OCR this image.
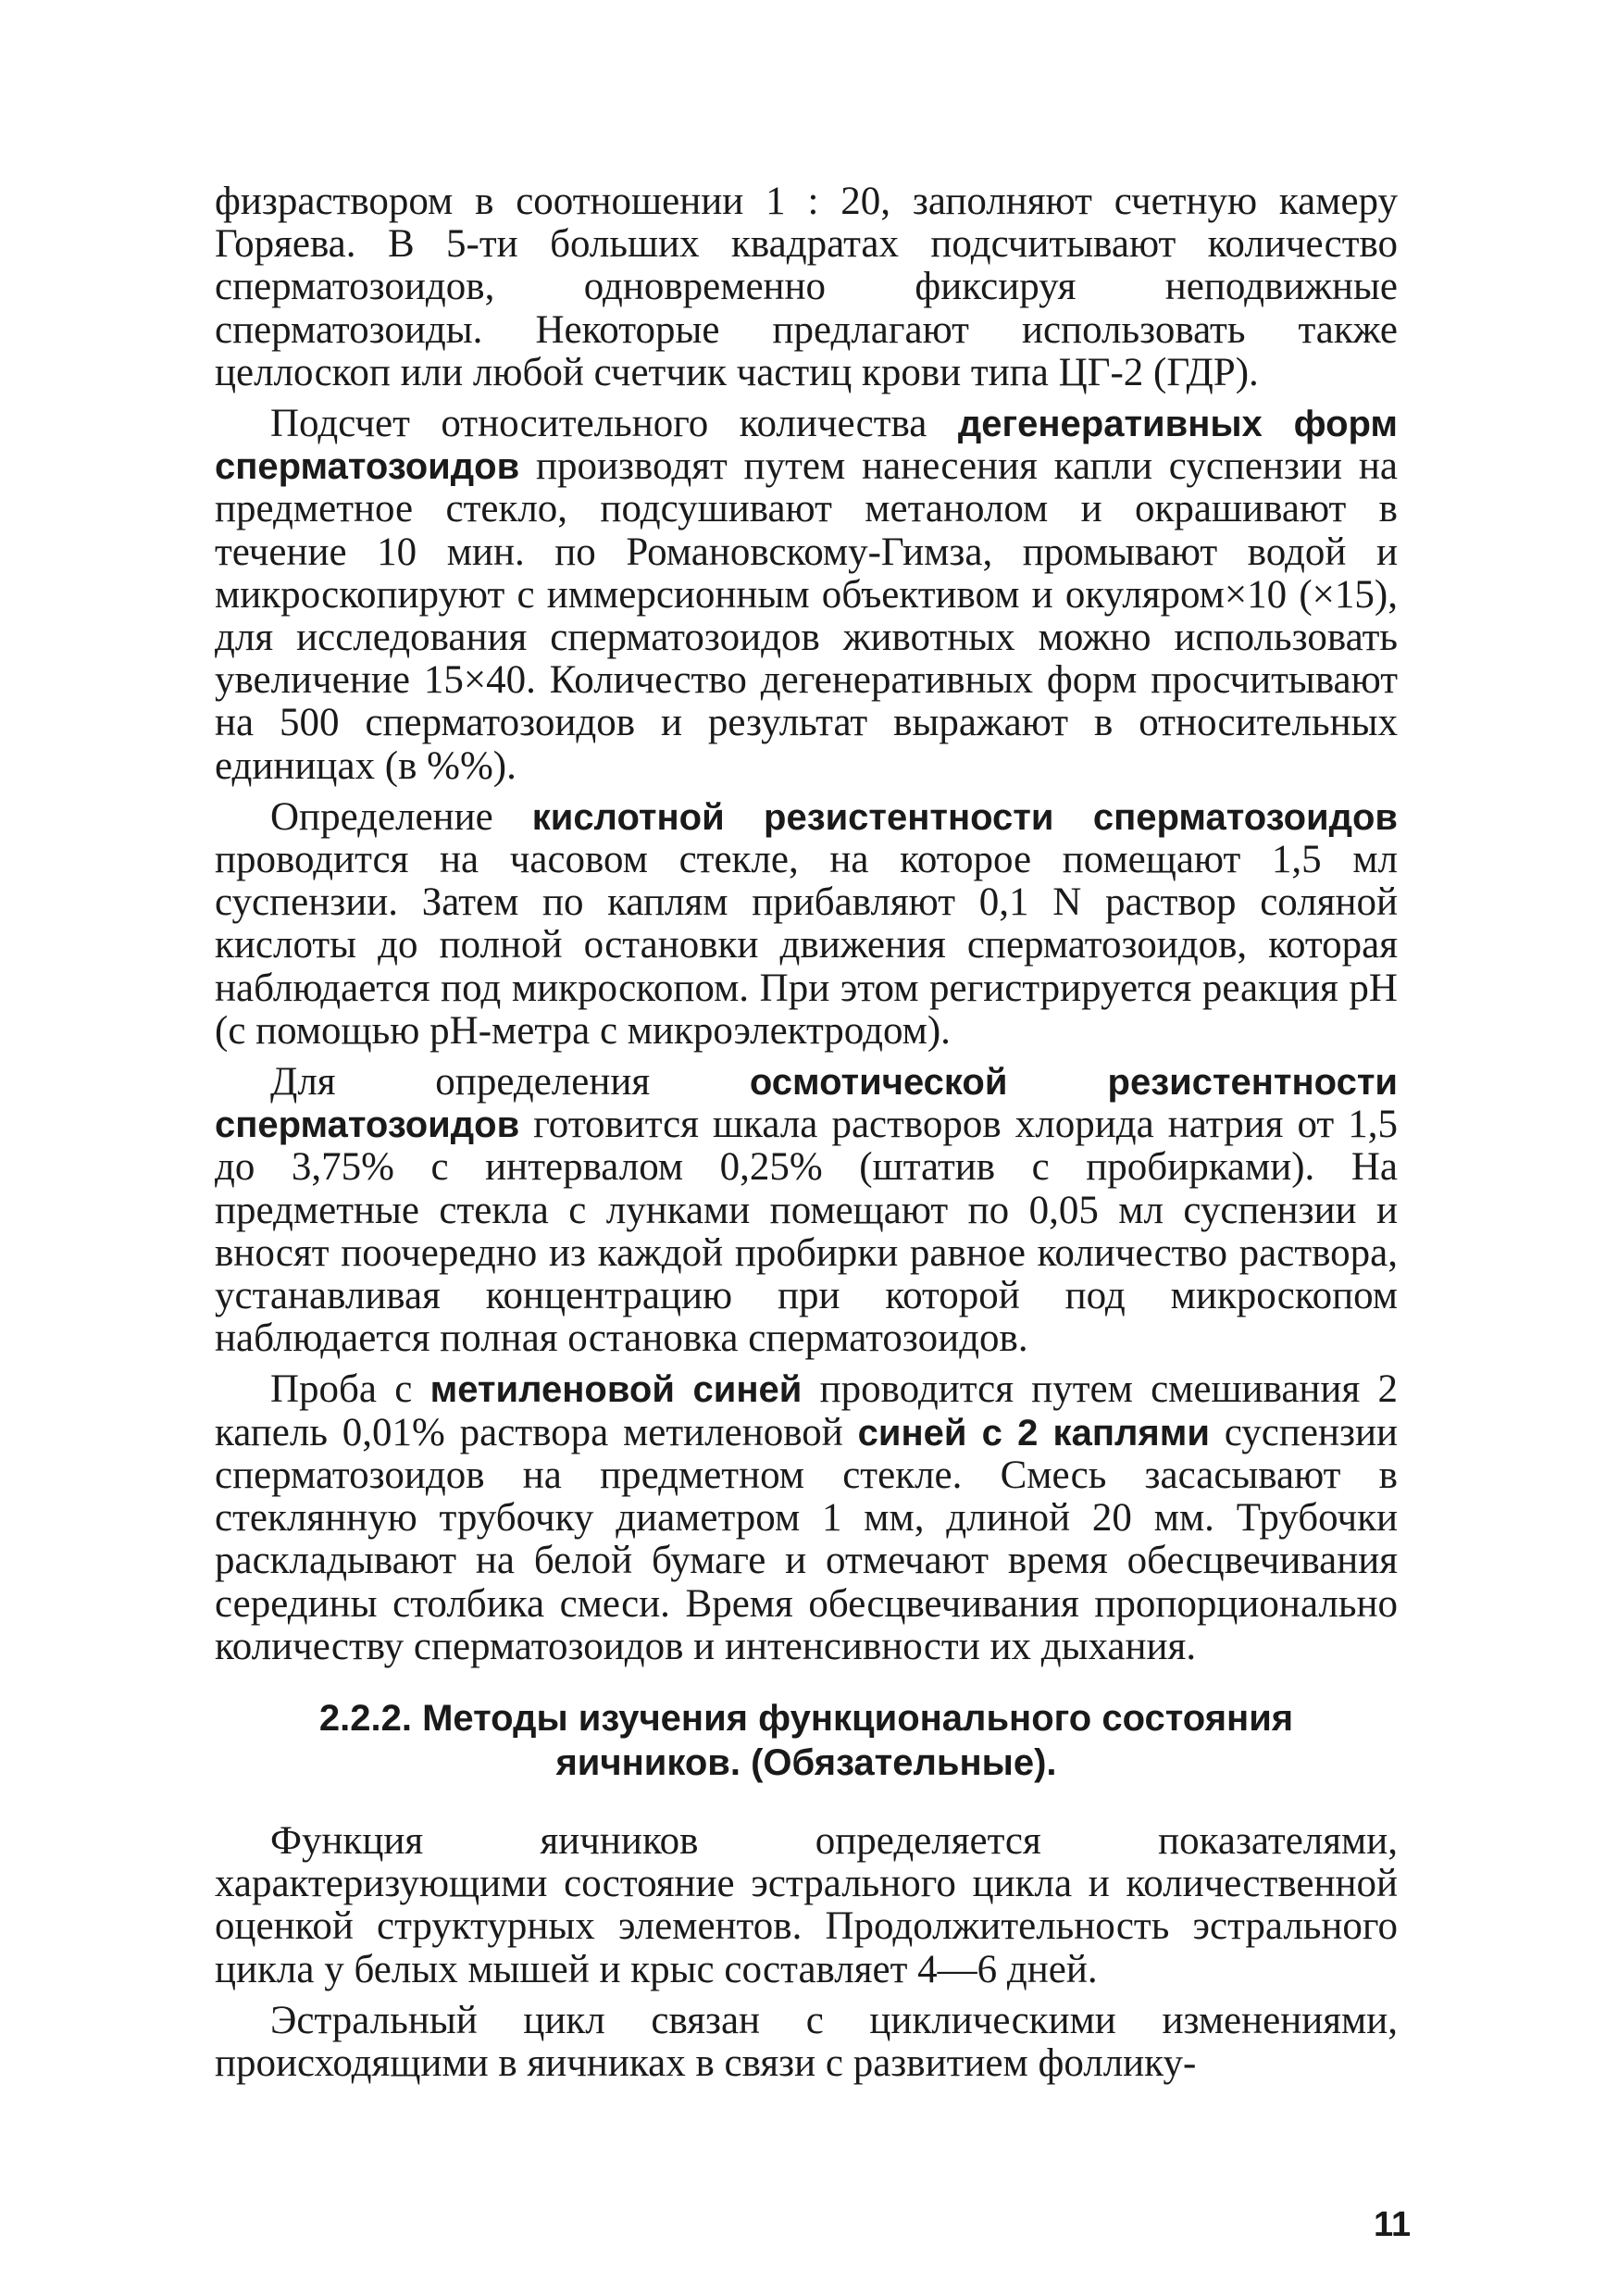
физраствором в соотношении 1 : 20, заполняют счетную камеру Горяева. В 5-ти больших квадратах подсчитывают количество сперматозоидов, одновременно фиксируя неподвижные сперматозоиды. Некоторые предлагают использовать также целлоскоп или любой счетчик частиц крови типа ЦГ-2 (ГДР).
Подсчет относительного количества дегенеративных форм сперматозоидов производят путем нанесения капли суспензии на предметное стекло, подсушивают метанолом и окрашивают в течение 10 мин. по Романовскому-Гимза, промывают водой и микроскопируют с иммерсионным объективом и окуляром×10 (×15), для исследования сперматозоидов животных можно использовать увеличение 15×40. Количество дегенеративных форм просчитывают на 500 сперматозоидов и результат выражают в относительных единицах (в %%).
Определение кислотной резистентности сперматозоидов проводится на часовом стекле, на которое помещают 1,5 мл суспензии. Затем по каплям прибавляют 0,1 N раствор соляной кислоты до полной остановки движения сперматозоидов, которая наблюдается под микроскопом. При этом регистрируется реакция pH (с помощью pH-метра с микроэлектродом).
Для определения осмотической резистентности сперматозоидов готовится шкала растворов хлорида натрия от 1,5 до 3,75% с интервалом 0,25% (штатив с пробирками). На предметные стекла с лунками помещают по 0,05 мл суспензии и вносят поочередно из каждой пробирки равное количество раствора, устанавливая концентрацию при которой под микроскопом наблюдается полная остановка сперматозоидов.
Проба с метиленовой синей проводится путем смешивания 2 капель 0,01% раствора метиленовой синей с 2 каплями суспензии сперматозоидов на предметном стекле. Смесь засасывают в стеклянную трубочку диаметром 1 мм, длиной 20 мм. Трубочки раскладывают на белой бумаге и отмечают время обесцвечивания середины столбика смеси. Время обесцвечивания пропорционально количеству сперматозоидов и интенсивности их дыхания.
2.2.2. Методы изучения функционального состояния
яичников. (Обязательные).
Функция яичников определяется показателями, характеризующими состояние эстрального цикла и количественной оценкой структурных элементов. Продолжительность эстрального цикла у белых мышей и крыс составляет 4—6 дней.
Эстральный цикл связан с циклическими изменениями, происходящими в яичниках в связи с развитием фоллику-
11
